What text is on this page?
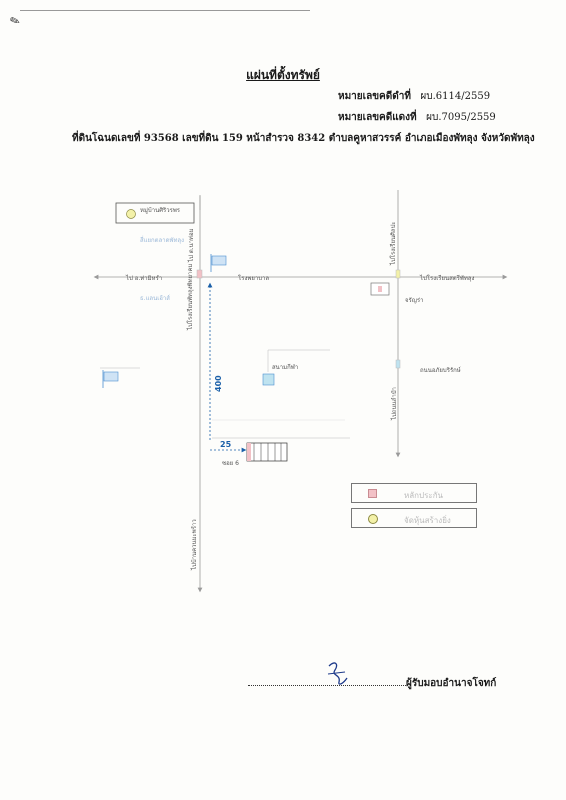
✎
แผ่นที่ตั้งทรัพย์
หมายเลขคดีดำที่ ผบ.6114/2559
หมายเลขคดีแดงที่ ผบ.7095/2559
ที่ดินโฉนดเลขที่ 93568 เลขที่ดิน 159 หน้าสำรวจ 8342 ตำบลคูหาสวรรค์ อำเภอเมืองพัทลุง จังหวัดพัทลุง
หมู่บ้านศิริวรพร
ไป อ.ท่ามิหรำ
ธ.แลนเฮ้าส์
สี่แยกตลาดพัทลุง
โรงพยาบาล	ไปโรงเรียนสตรีพัทลุง
จรัญร่า
ถนนอภัยบริรักษ์
สนามกีฬา
ไปโรงเรียนพัทลุงพิทยาคม
ไป ต.นาท่อม	ไปโรงเรียนศิลปะ
ไปถนนลำปำ
ไปบ้านควนมะพร้าว
ซอย 6
400
25
หลักประกัน
จัดหุ้นสร้างยิ่ง
ผู้รับมอบอำนาจโจทก์
